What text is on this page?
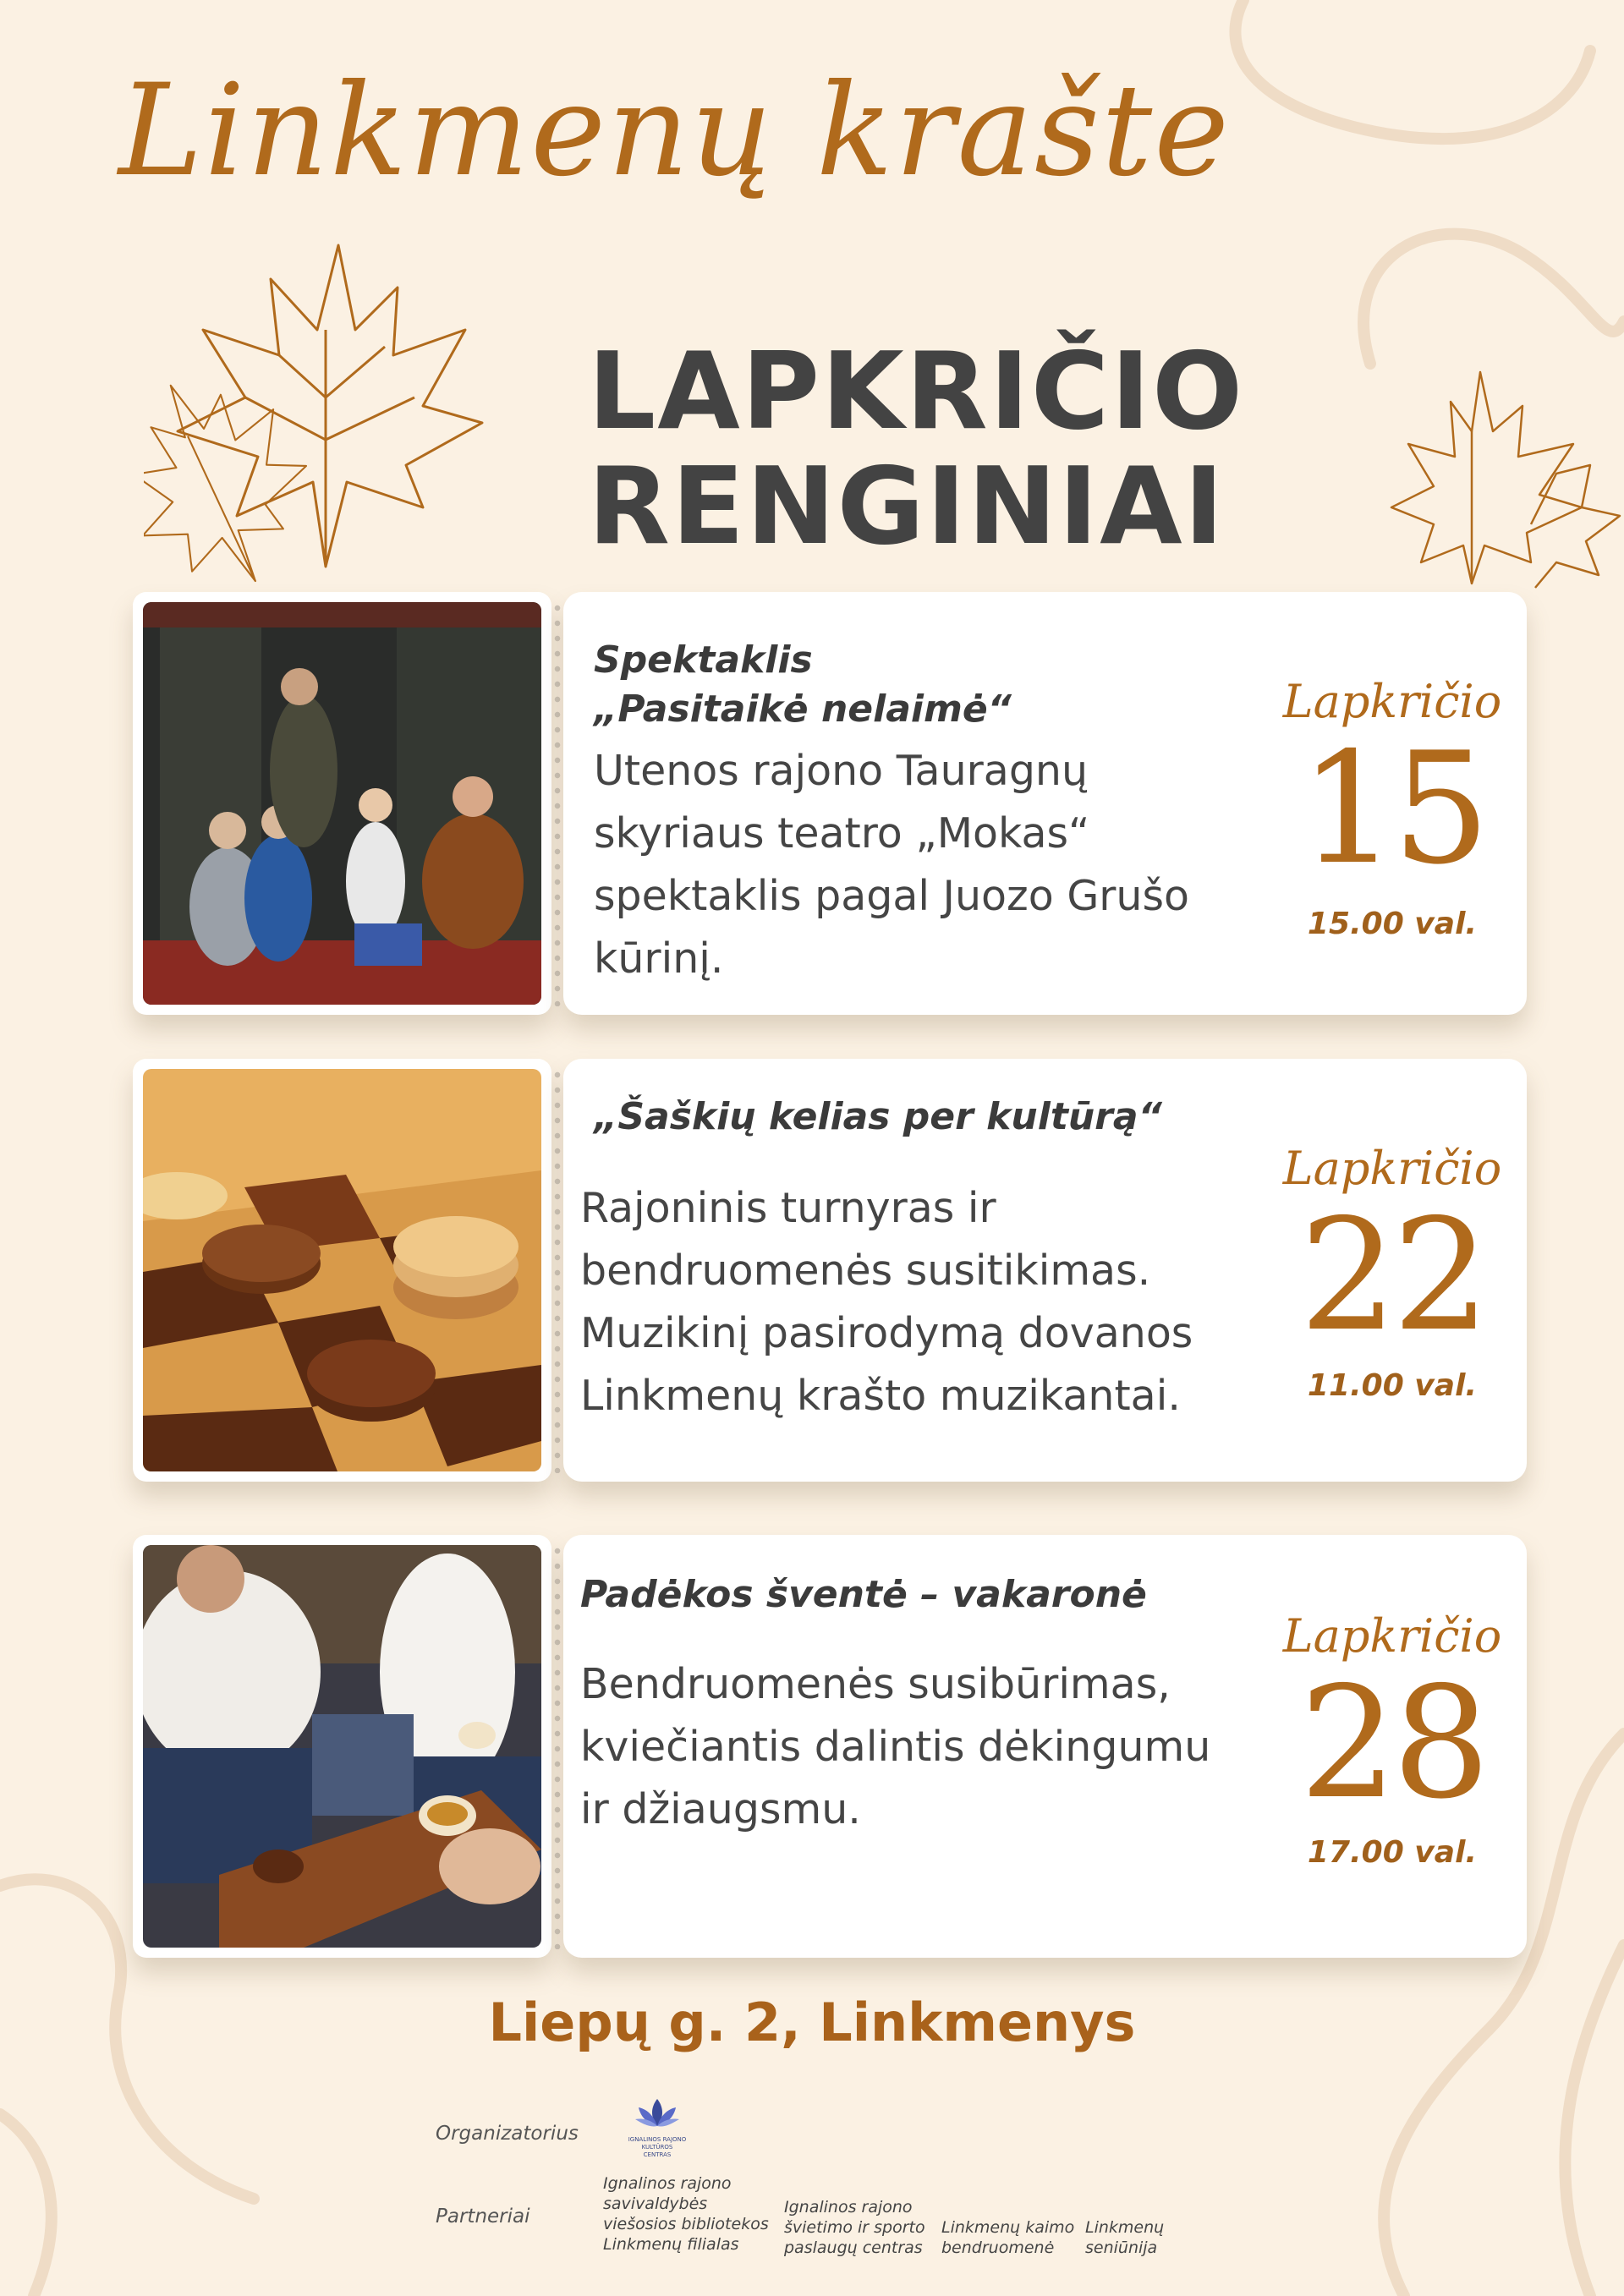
Linkmenų krašte
LAPKRIČIO
RENGINIAI
Spektaklis
„Pasitaikė nelaimė“
Utenos rajono Tauragnų skyriaus teatro „Mokas“ spektaklis pagal Juozo Grušo kūrinį.
Lapkričio
15
15.00 val.
„Šaškių kelias per kultūrą“
Rajoninis turnyras ir bendruomenės susitikimas. Muzikinį pasirodymą dovanos Linkmenų krašto muzikantai.
Lapkričio
22
11.00 val.
Padėkos šventė – vakaronė
Bendruomenės susibūrimas, kviečiantis dalintis dėkingumu ir džiaugsmu.
Lapkričio
28
17.00 val.
Liepų g. 2, Linkmenys
Organizatorius	IGNALINOS RAJONO KULTŪROS CENTRAS
Partneriai
Ignalinos rajono savivaldybės viešosios bibliotekos Linkmenų filialas
Ignalinos rajono švietimo ir sporto paslaugų centras
Linkmenų kaimo bendruomenė
Linkmenų seniūnija
